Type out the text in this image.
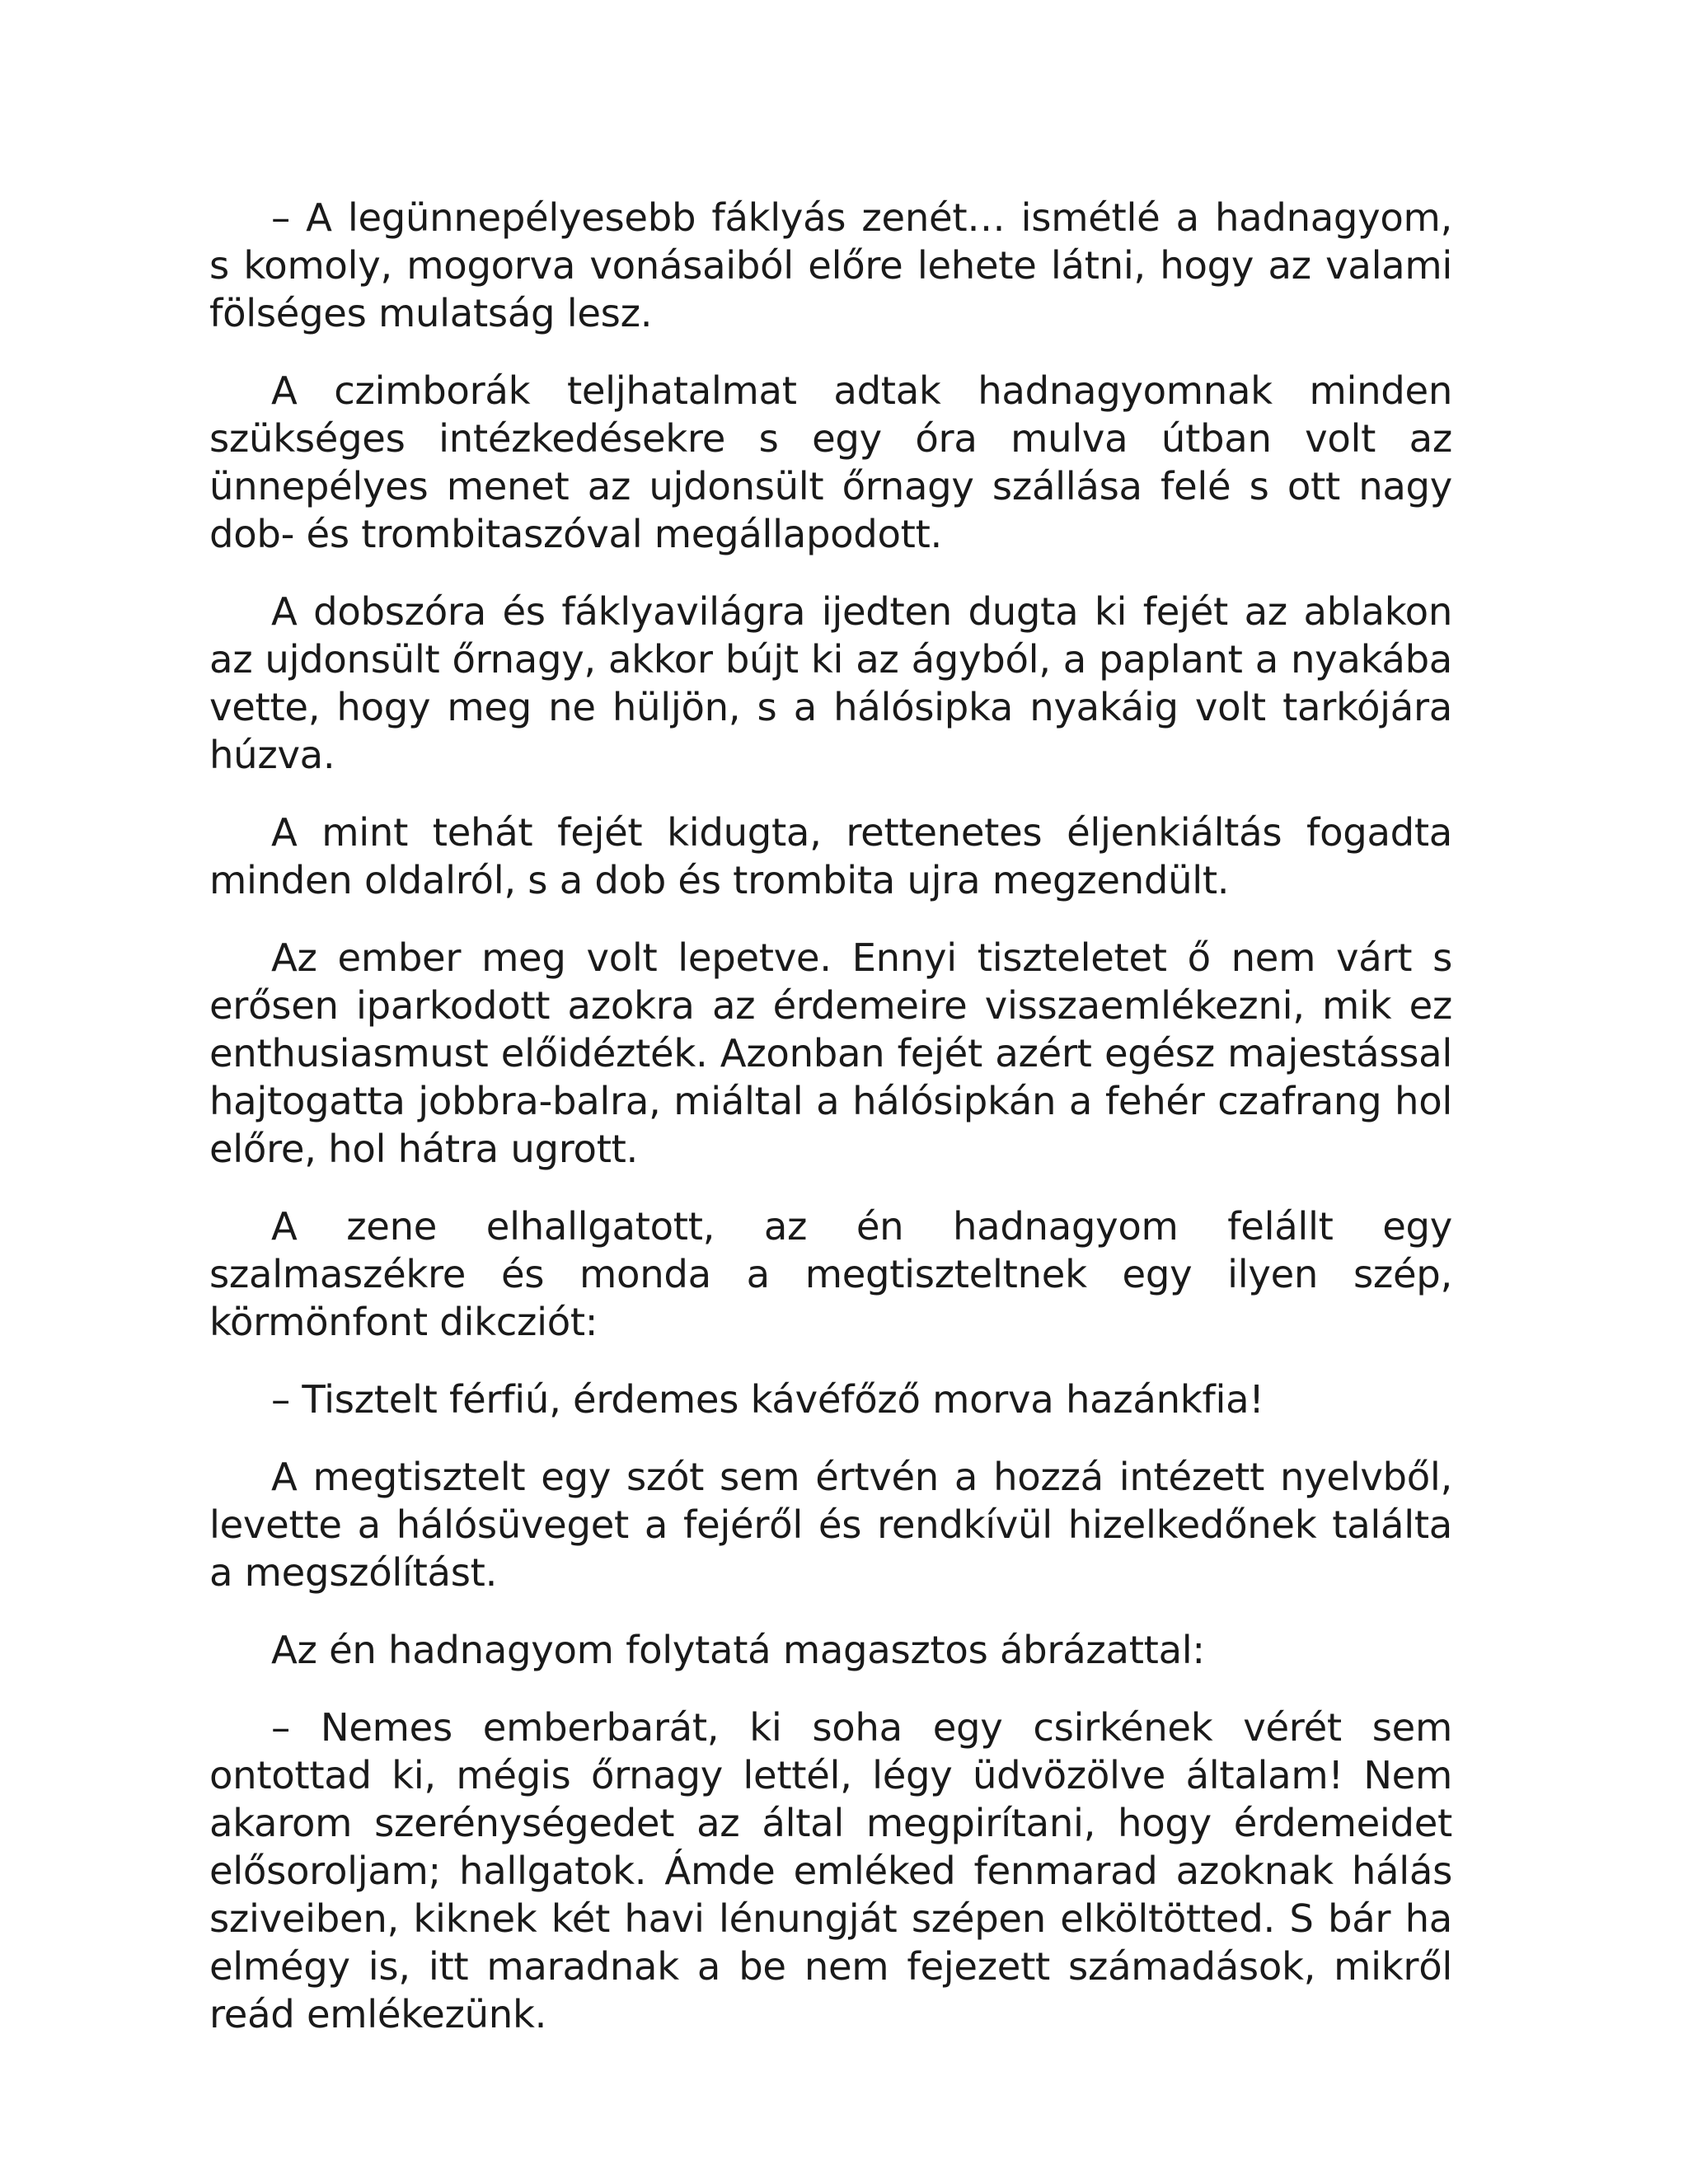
– A legünnepélyesebb fáklyás zenét… ismétlé a hadnagyom, s komoly, mogorva vonásaiból előre lehete látni, hogy az valami fölséges mulatság lesz.

A czimborák teljhatalmat adtak hadnagyomnak minden szükséges intézkedésekre s egy óra mulva útban volt az ünnepélyes menet az ujdonsült őrnagy szállása felé s ott nagy dob- és trombitaszóval megállapodott.

A dobszóra és fáklyavilágra ijedten dugta ki fejét az ablakon az ujdonsült őrnagy, akkor bújt ki az ágyból, a paplant a nyakába vette, hogy meg ne hüljön, s a hálósipka nyakáig volt tarkójára húzva.

A mint tehát fejét kidugta, rettenetes éljenkiáltás fogadta minden oldalról, s a dob és trombita ujra megzendült.

Az ember meg volt lepetve. Ennyi tiszteletet ő nem várt s erősen iparkodott azokra az érdemeire visszaemlékezni, mik ez enthusiasmust előidézték. Azonban fejét azért egész majestással hajtogatta jobbra-balra, miáltal a hálósipkán a fehér czafrang hol előre, hol hátra ugrott.

A zene elhallgatott, az én hadnagyom felállt egy szalmaszékre és monda a megtiszteltnek egy ilyen szép, körmönfont dikcziót:

– Tisztelt férfiú, érdemes kávéfőző morva hazánkfia!

A megtisztelt egy szót sem értvén a hozzá intézett nyelvből, levette a hálósüveget a fejéről és rendkívül hizelkedőnek találta a megszólítást.

Az én hadnagyom folytatá magasztos ábrázattal:

– Nemes emberbarát, ki soha egy csirkének vérét sem ontottad ki, mégis őrnagy lettél, légy üdvözölve általam! Nem akarom szerénységedet az által megpirítani, hogy érdemeidet elősoroljam; hallgatok. Ámde emléked fenmarad azoknak hálás sziveiben, kiknek két havi lénungját szépen elköltötted. S bár ha elmégy is, itt maradnak a be nem fejezett számadások, mikről reád emlékezünk.
